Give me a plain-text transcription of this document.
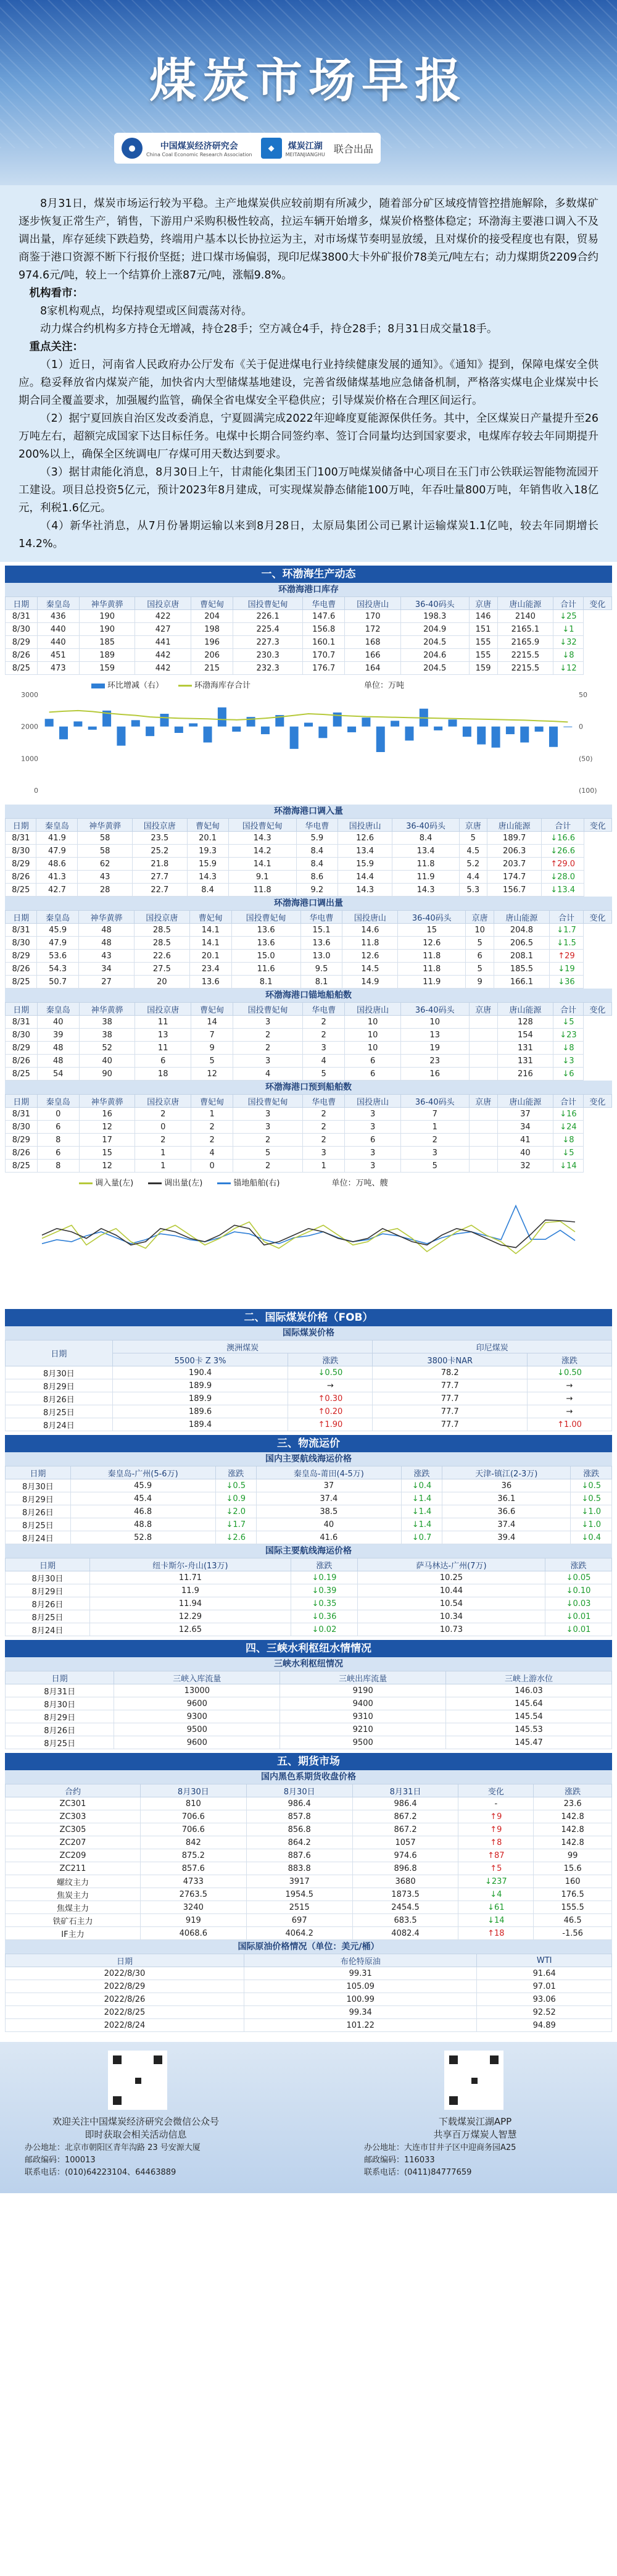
煤炭市场早报
●	中国煤炭经济研究会
China Coal Economic Research Association
◆	煤炭江湖
MEITANJIANGHU 联合出品

8月31日，煤炭市场运行较为平稳。主产地煤炭供应较前期有所减少，随着部分矿区域疫情管控措施解除，多数煤矿逐步恢复正常生产，销售，下游用户采购积极性较高，拉运车辆开始增多，煤炭价格整体稳定；环渤海主要港口调入不及调出量，库存延续下跌趋势，终端用户基本以长协拉运为主，对市场煤节奏明显放缓，且对煤价的接受程度也有限，贸易商鉴于港口资源不断下行报价坚挺；进口煤市场偏弱，现印尼煤3800大卡外矿报价78美元/吨左右；动力煤期货2209合约974.6元/吨，较上一个结算价上涨87元/吨，涨幅9.8%。

机构看市：

8家机构观点，均保持观望或区间震荡对待。

动力煤合约机构多方持仓无增减，持仓28手；空方减仓4手，持仓28手；8月31日成交量18手。

重点关注：

（1）近日，河南省人民政府办公厅发布《关于促进煤电行业持续健康发展的通知》。《通知》提到，保障电煤安全供应。稳妥释放省内煤炭产能，加快省内大型储煤基地建设，完善省级储煤基地应急储备机制，严格落实煤电企业煤炭中长期合同全覆盖要求，加强履约监管，确保全省电煤安全平稳供应；引导煤炭价格在合理区间运行。

（2）据宁夏回族自治区发改委消息，宁夏圆满完成2022年迎峰度夏能源保供任务。其中，全区煤炭日产量提升至26万吨左右，超额完成国家下达目标任务。电煤中长期合同签约率、签订合同量均达到国家要求，电煤库存较去年同期提升200%以上，确保全区统调电厂存煤可用天数达到要求。

（3）据甘肃能化消息，8月30日上午，甘肃能化集团玉门100万吨煤炭储备中心项目在玉门市公铁联运智能物流园开工建设。项目总投资5亿元，预计2023年8月建成，可实现煤炭静态储能100万吨，年吞吐量800万吨，年销售收入18亿元，利税1.6亿元。

（4）新华社消息，从7月份暑期运输以来到8月28日，太原局集团公司已累计运输煤炭1.1亿吨，较去年同期增长14.2%。

一、环渤海生产动态
环渤海港口库存
日期	秦皇岛	神华黄骅	国投京唐	曹妃甸	国投曹妃甸	华电曹	国投唐山	36-40码头	京唐	唐山能源	合计	变化
8/31	436	190	422	204	226.1	147.6	170	198.3	146	2140	↓25	
8/30	440	190	427	198	225.4	156.8	172	204.9	151	2165.1	↓1	
8/29	440	185	441	196	227.3	160.1	168	204.5	155	2165.9	↓32	
8/26	451	189	442	206	230.3	170.7	166	204.6	155	2215.5	↓8	
8/25	473	159	442	215	232.3	176.7	164	204.5	159	2215.5	↓12	
环比增减（右）	环渤海库存合计	单位：万吨
3000
2000
1000
0
50
0
(50)
(100)
环渤海港口调入量
日期	秦皇岛	神华黄骅	国投京唐	曹妃甸	国投曹妃甸	华电曹	国投唐山	36-40码头	京唐	唐山能源	合计	变化
8/31	41.9	58	23.5	20.1	14.3	5.9	12.6	8.4	5	189.7	↓16.6	
8/30	47.9	58	25.2	19.3	14.2	8.4	13.4	13.4	4.5	206.3	↓26.6	
8/29	48.6	62	21.8	15.9	14.1	8.4	15.9	11.8	5.2	203.7	↑29.0	
8/26	41.3	43	27.7	14.3	9.1	8.6	14.4	11.9	4.4	174.7	↓28.0	
8/25	42.7	28	22.7	8.4	11.8	9.2	14.3	14.3	5.3	156.7	↓13.4	
环渤海港口调出量
日期	秦皇岛	神华黄骅	国投京唐	曹妃甸	国投曹妃甸	华电曹	国投唐山	36-40码头	京唐	唐山能源	合计	变化
8/31	45.9	48	28.5	14.1	13.6	15.1	14.6	15	10	204.8	↓1.7	
8/30	47.9	48	28.5	14.1	13.6	13.6	11.8	12.6	5	206.5	↓1.5	
8/29	53.6	43	22.6	20.1	15.0	13.0	12.6	11.8	6	208.1	↑29	
8/26	54.3	34	27.5	23.4	11.6	9.5	14.5	11.8	5	185.5	↓19	
8/25	50.7	27	20	13.6	8.1	8.1	14.9	11.9	9	166.1	↓36	
环渤海港口锚地船舶数
日期	秦皇岛	神华黄骅	国投京唐	曹妃甸	国投曹妃甸	华电曹	国投唐山	36-40码头	京唐	唐山能源	合计	变化
8/31	40	38	11	14	3	2	10	10		128	↓5	
8/30	39	38	13	7	2	2	10	13		154	↓23	
8/29	48	52	11	9	2	3	10	19		131	↓8	
8/26	48	40	6	5	3	4	6	23		131	↓3	
8/25	54	90	18	12	4	5	6	16		216	↓6	
环渤海港口预到船舶数
日期	秦皇岛	神华黄骅	国投京唐	曹妃甸	国投曹妃甸	华电曹	国投唐山	36-40码头	京唐	唐山能源	合计	变化
8/31	0	16	2	1	3	2	3	7		37	↓16	
8/30	6	12	0	2	3	2	3	1		34	↓24	
8/29	8	17	2	2	2	2	6	2		41	↓8	
8/26	6	15	1	4	5	3	3	3		40	↓5	
8/25	8	12	1	0	2	1	3	5		32	↓14	
调入量(左)	调出量(左)	锚地船舶(右)	单位：万吨、艘
二、国际煤炭价格（FOB）
国际煤炭价格
日期	澳洲煤炭		印尼煤炭	
	5500卡 Z 3%	涨跌	3800卡NAR	涨跌
8月30日	190.4	↓0.50	78.2	↓0.50
8月29日	189.9	→	77.7	→
8月26日	189.9	↑0.30	77.7	→
8月25日	189.6	↑0.20	77.7	→
8月24日	189.4	↑1.90	77.7	↑1.00
三、物流运价
国内主要航线海运价格
日期	秦皇岛-广州(5-6万)	涨跌	秦皇岛-莆田(4-5万)	涨跌	天津-镇江(2-3万)	涨跌
8月30日	45.9	↓0.5	37	↓0.4	36	↓0.5
8月29日	45.4	↓0.9	37.4	↓1.4	36.1	↓0.5
8月26日	46.8	↓2.0	38.5	↓1.4	36.6	↓1.0
8月25日	48.8	↓1.7	40	↓1.4	37.4	↓1.0
8月24日	52.8	↓2.6	41.6	↓0.7	39.4	↓0.4
国际主要航线海运价格
日期	纽卡斯尔-舟山(13万)	涨跌	萨马林达-广州(7万)	涨跌
8月30日	11.71	↓0.19	10.25	↓0.05
8月29日	11.9	↓0.39	10.44	↓0.10
8月26日	11.94	↓0.35	10.54	↓0.03
8月25日	12.29	↓0.36	10.34	↓0.01
8月24日	12.65	↓0.02	10.73	↓0.01
四、三峡水利枢纽水情情况
三峡水利枢纽情况
日期	三峡入库流量	三峡出库流量	三峡上游水位
8月31日	13000	9190	146.03
8月30日	9600	9400	145.64
8月29日	9300	9310	145.54
8月26日	9500	9210	145.53
8月25日	9600	9500	145.47
五、期货市场
国内黑色系期货收盘价格
合约	8月30日	8月30日	8月31日	变化	涨跌
ZC301	810	986.4	986.4	-	23.6
ZC303	706.6	857.8	867.2	↑9	142.8
ZC305	706.6	856.8	867.2	↑9	142.8
ZC207	842	864.2	1057	↑8	142.8
ZC209	875.2	887.6	974.6	↑87	99
ZC211	857.6	883.8	896.8	↑5	15.6
螺纹主力	4733	3917	3680	↓237	160
焦炭主力	2763.5	1954.5	1873.5	↓4	176.5
焦煤主力	3240	2515	2454.5	↓61	155.5
铁矿石主力	919	697	683.5	↓14	46.5
IF主力	4068.6	4064.2	4082.4	↑18	-1.56
国际原油价格情况（单位：美元/桶）
日期	布伦特原油	WTI
2022/8/30	99.31	91.64
2022/8/29	105.09	97.01
2022/8/26	100.99	93.06
2022/8/25	99.34	92.52
2022/8/24	101.22	94.89
欢迎关注中国煤炭经济研究会微信公众号
即时获取会相关活动信息
下载煤炭江湖APP
共享百万煤炭人智慧
办公地址：北京市朝阳区青年沟路 23 号安源大厦
邮政编码：100013
联系电话：(010)64223104、64463889
办公地址：大连市甘井子区中迎商务园A25
邮政编码：116033
联系电话：(0411)84777659
